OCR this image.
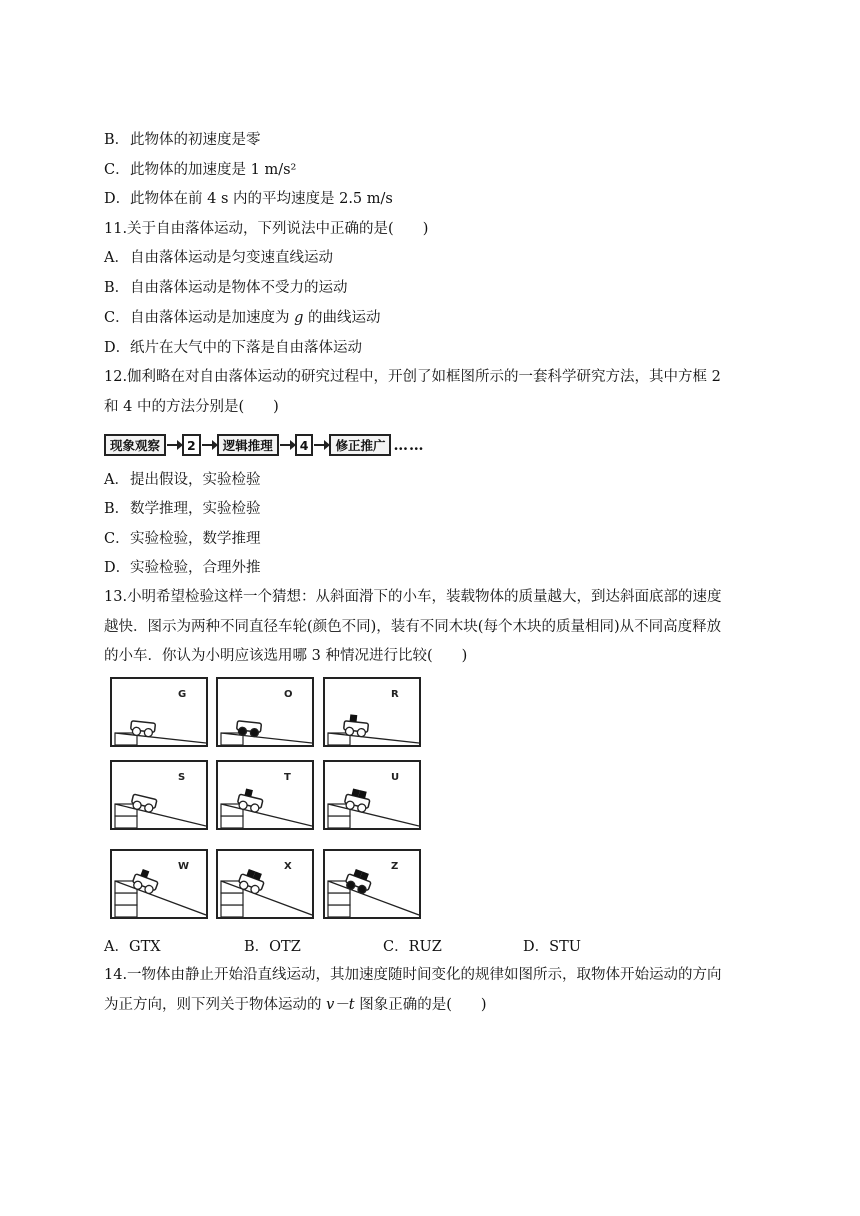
B．此物体的初速度是零
C．此物体的加速度是 1 m/s²
D．此物体在前 4 s 内的平均速度是 2.5 m/s
11.关于自由落体运动，下列说法中正确的是(　　)
A．自由落体运动是匀变速直线运动
B．自由落体运动是物体不受力的运动
C．自由落体运动是加速度为 g 的曲线运动
D．纸片在大气中的下落是自由落体运动
12.伽利略在对自由落体运动的研究过程中，开创了如框图所示的一套科学研究方法，其中方框 2
和 4 中的方法分别是(　　)
现象观察	2	逻辑推理	4	修正推广 ……
A．提出假设，实验检验
B．数学推理，实验检验
C．实验检验，数学推理
D．实验检验，合理外推
13.小明希望检验这样一个猜想：从斜面滑下的小车，装载物体的质量越大，到达斜面底部的速度
越快．图示为两种不同直径车轮(颜色不同)，装有不同木块(每个木块的质量相同)从不同高度释放
的小车．你认为小明应该选用哪 3 种情况进行比较(　　)
G	O	R
S	T	U
W	X	Z
A．GTX	B．OTZ	C．RUZ	D．STU
14.一物体由静止开始沿直线运动，其加速度随时间变化的规律如图所示，取物体开始运动的方向
为正方向，则下列关于物体运动的 v－t 图象正确的是(　　)
